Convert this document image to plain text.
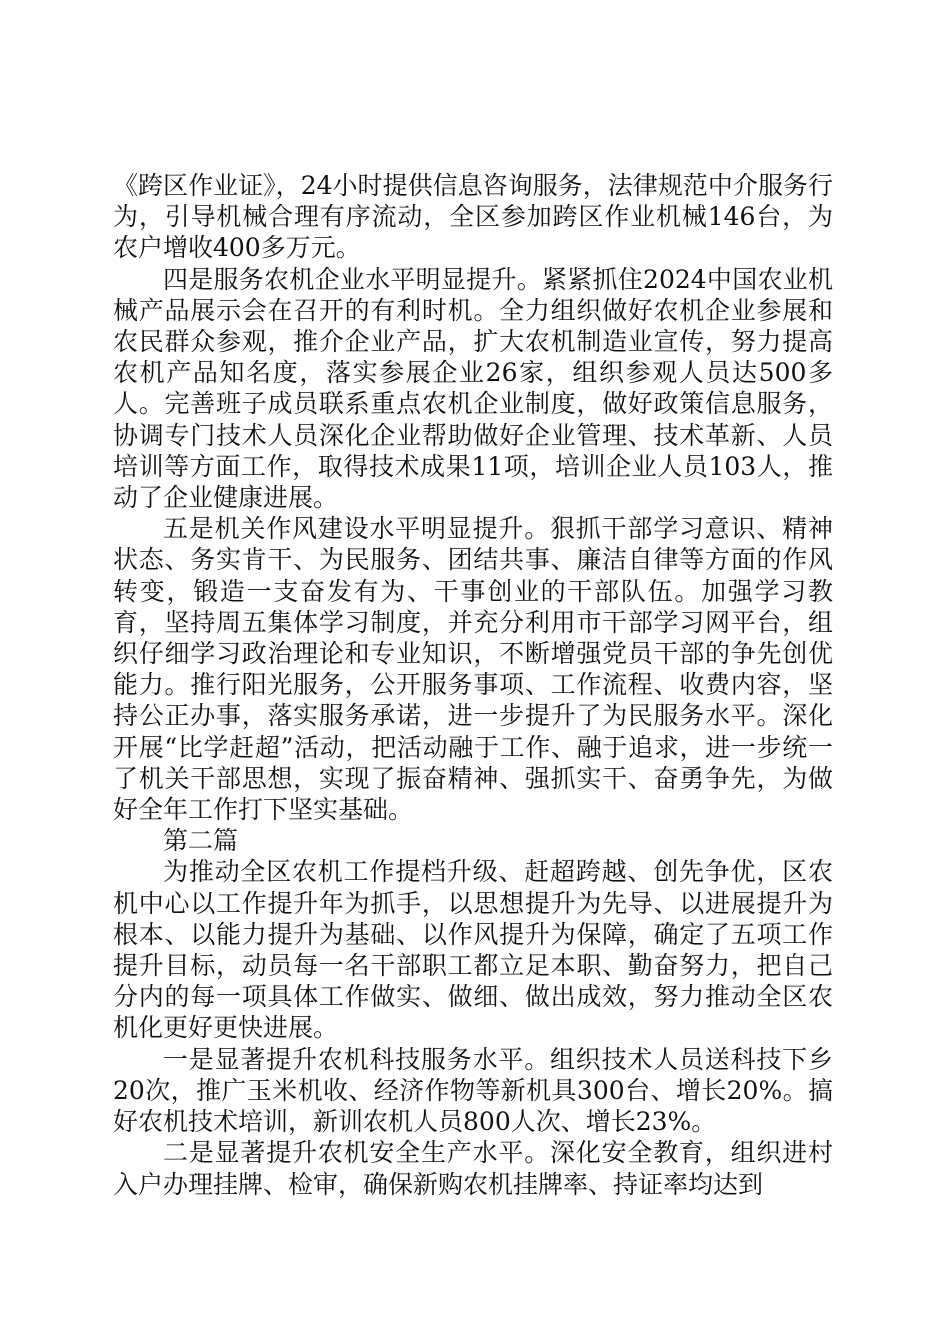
《跨区作业证》，24小时提供信息咨询服务，法律规范中介服务行为，引导机械合理有序流动，全区参加跨区作业机械146台，为农户增收400多万元。

四是服务农机企业水平明显提升。紧紧抓住2024中国农业机械产品展示会在召开的有利时机。全力组织做好农机企业参展和农民群众参观，推介企业产品，扩大农机制造业宣传，努力提高农机产品知名度，落实参展企业26家，组织参观人员达500多人。完善班子成员联系重点农机企业制度，做好政策信息服务，协调专门技术人员深化企业帮助做好企业管理、技术革新、人员培训等方面工作，取得技术成果11项，培训企业人员103人，推动了企业健康进展。

五是机关作风建设水平明显提升。狠抓干部学习意识、精神状态、务实肯干、为民服务、团结共事、廉洁自律等方面的作风转变，锻造一支奋发有为、干事创业的干部队伍。加强学习教育，坚持周五集体学习制度，并充分利用市干部学习网平台，组织仔细学习政治理论和专业知识，不断增强党员干部的争先创优能力。推行阳光服务，公开服务事项、工作流程、收费内容，坚持公正办事，落实服务承诺，进一步提升了为民服务水平。深化开展“比学赶超”活动，把活动融于工作、融于追求，进一步统一了机关干部思想，实现了振奋精神、强抓实干、奋勇争先，为做好全年工作打下坚实基础。

第二篇

为推动全区农机工作提档升级、赶超跨越、创先争优，区农机中心以工作提升年为抓手，以思想提升为先导、以进展提升为根本、以能力提升为基础、以作风提升为保障，确定了五项工作提升目标，动员每一名干部职工都立足本职、勤奋努力，把自己分内的每一项具体工作做实、做细、做出成效，努力推动全区农机化更好更快进展。

一是显著提升农机科技服务水平。组织技术人员送科技下乡20次，推广玉米机收、经济作物等新机具300台、增长20%。搞好农机技术培训，新训农机人员800人次、增长23%。

二是显著提升农机安全生产水平。深化安全教育，组织进村入户办理挂牌、检审，确保新购农机挂牌率、持证率均达到
